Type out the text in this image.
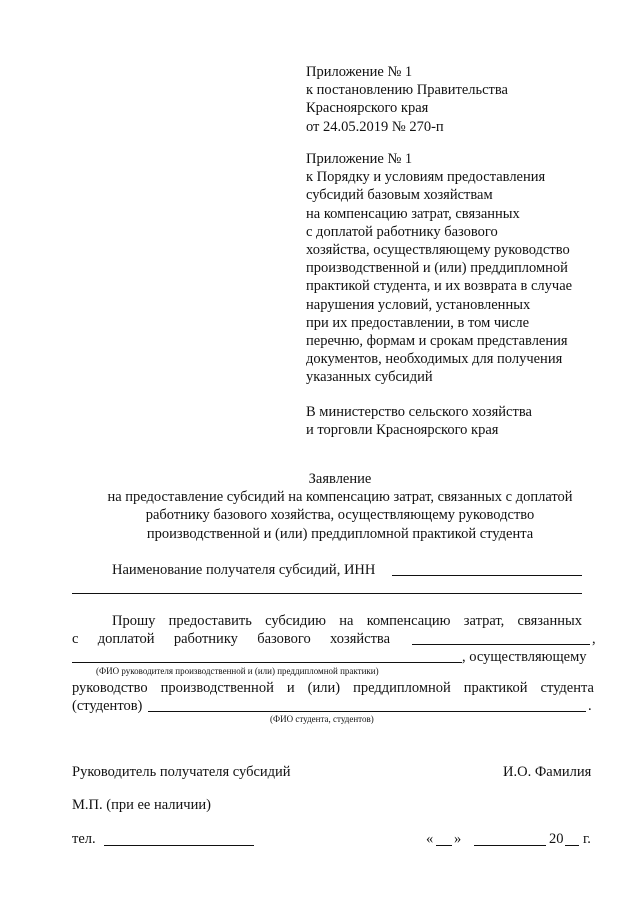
Приложение № 1
к постановлению Правительства
Красноярского края
от 24.05.2019 № 270-п
Приложение № 1
к Порядку и условиям предоставления
субсидий базовым хозяйствам
на компенсацию затрат, связанных
с доплатой работнику базового
хозяйства, осуществляющему руководство
производственной и (или) преддипломной
практикой студента, и их возврата в случае
нарушения условий, установленных
при их предоставлении, в том числе
перечню, формам и срокам представления
документов, необходимых для получения
указанных субсидий
В министерство сельского хозяйства
и торговли Красноярского края
Заявление
на предоставление субсидий на компенсацию затрат, связанных с доплатой
работнику базового хозяйства, осуществляющему руководство
производственной и (или) преддипломной практикой студента
Наименование получателя субсидий, ИНН
Прошу предоставить субсидию на компенсацию затрат, связанных
с доплатой работнику базового хозяйства	,
, осуществляющему
(ФИО руководителя производственной и (или) преддипломной практики)
руководство производственной и (или) преддипломной практикой студента
(студентов)	.
(ФИО студента, студентов)
Руководитель получателя субсидий	И.О. Фамилия
М.П. (при ее наличии)
тел.	« »	20 г.
